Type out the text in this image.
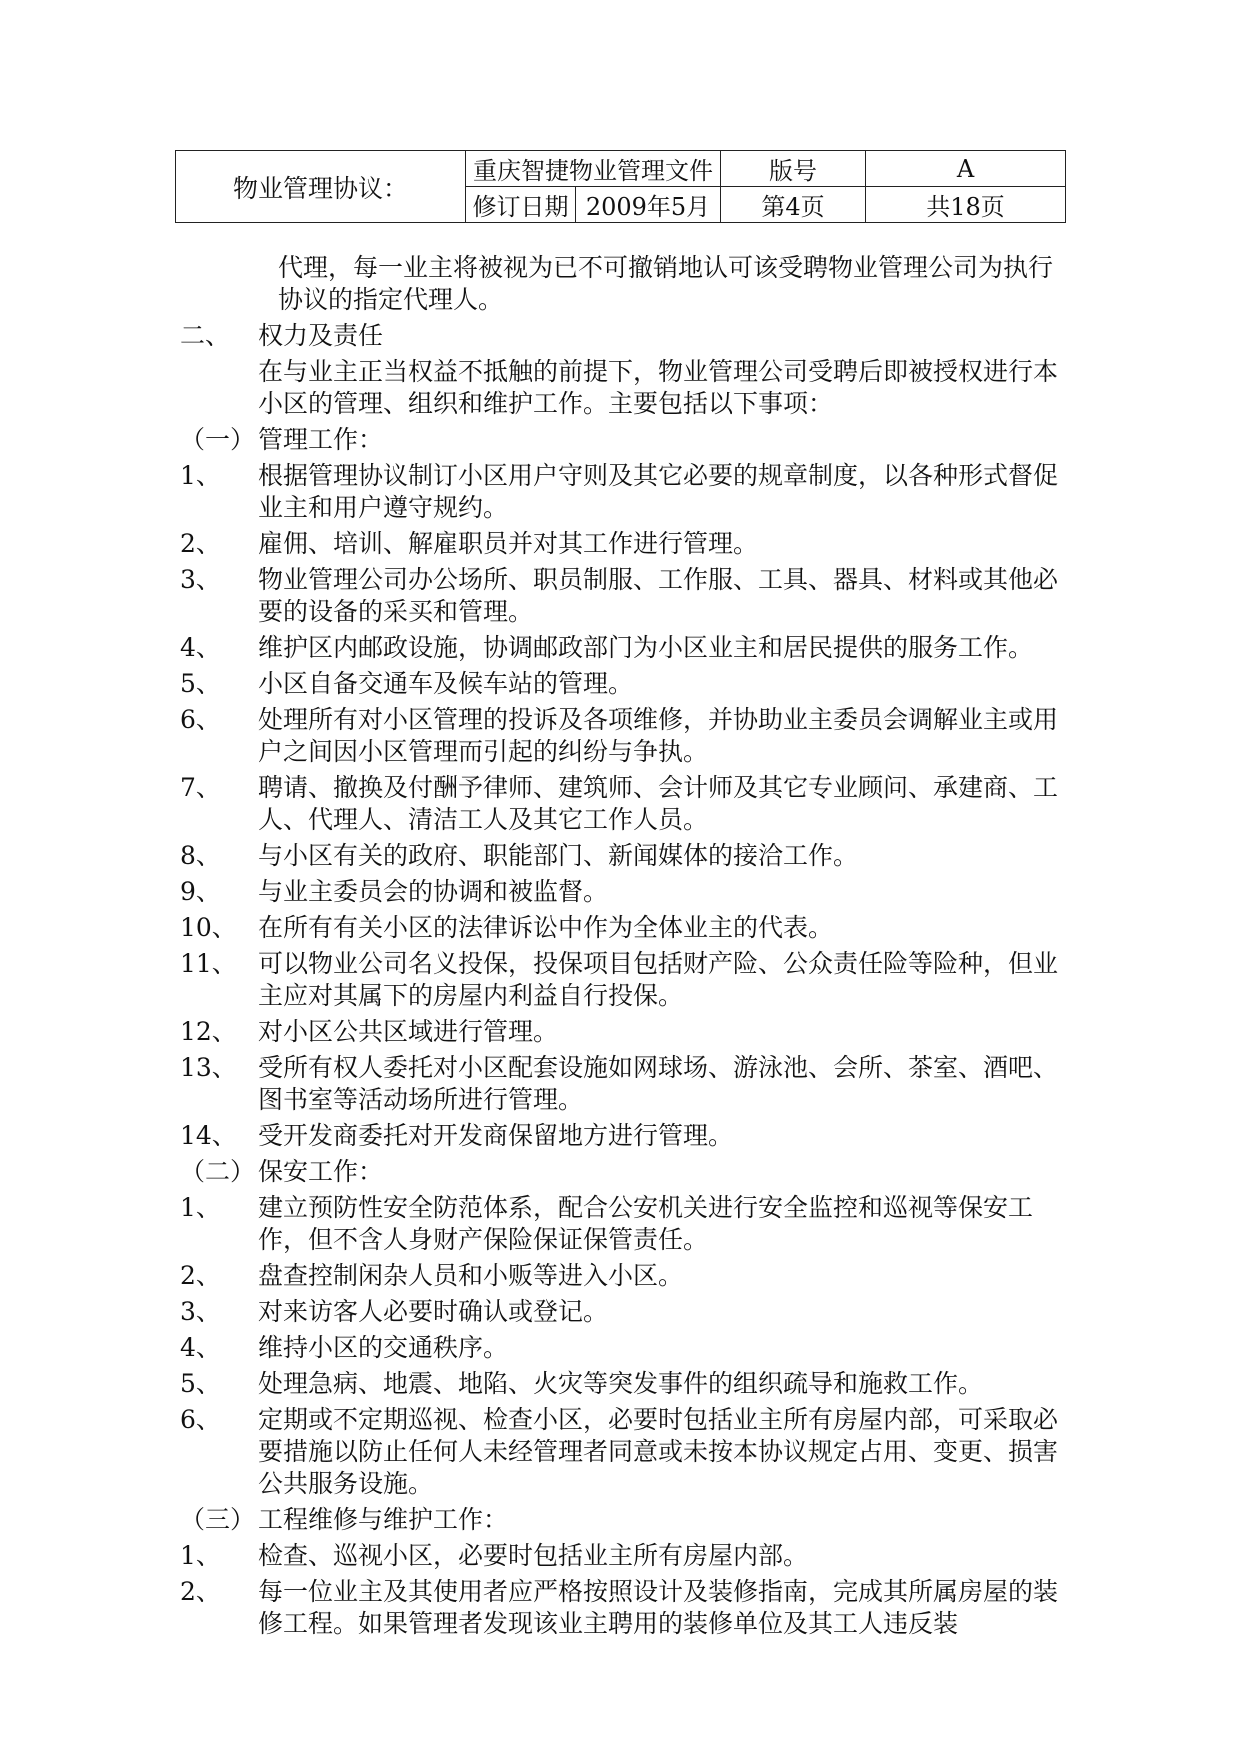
物业管理协议：	重庆智捷物业管理文件		版号	A
	修订日期	2009年5月	第4页	共18页
代理，每一业主将被视为已不可撤销地认可该受聘物业管理公司为执行协议的指定代理人。
二、	权力及责任
在与业主正当权益不抵触的前提下，物业管理公司受聘后即被授权进行本小区的管理、组织和维护工作。主要包括以下事项：
（一） 管理工作：
1、	根据管理协议制订小区用户守则及其它必要的规章制度，以各种形式督促业主和用户遵守规约。
2、	雇佣、培训、解雇职员并对其工作进行管理。
3、	物业管理公司办公场所、职员制服、工作服、工具、器具、材料或其他必要的设备的采买和管理。
4、	维护区内邮政设施，协调邮政部门为小区业主和居民提供的服务工作。
5、	小区自备交通车及候车站的管理。
6、	处理所有对小区管理的投诉及各项维修，并协助业主委员会调解业主或用户之间因小区管理而引起的纠纷与争执。
7、	聘请、撤换及付酬予律师、建筑师、会计师及其它专业顾问、承建商、工人、代理人、清洁工人及其它工作人员。
8、	与小区有关的政府、职能部门、新闻媒体的接洽工作。
9、	与业主委员会的协调和被监督。
10、 在所有有关小区的法律诉讼中作为全体业主的代表。
11、 可以物业公司名义投保，投保项目包括财产险、公众责任险等险种，但业主应对其属下的房屋内利益自行投保。
12、 对小区公共区域进行管理。
13、 受所有权人委托对小区配套设施如网球场、游泳池、会所、茶室、酒吧、图书室等活动场所进行管理。
14、 受开发商委托对开发商保留地方进行管理。
（二） 保安工作：
1、	建立预防性安全防范体系，配合公安机关进行安全监控和巡视等保安工作，但不含人身财产保险保证保管责任。
2、	盘查控制闲杂人员和小贩等进入小区。
3、	对来访客人必要时确认或登记。
4、	维持小区的交通秩序。
5、	处理急病、地震、地陷、火灾等突发事件的组织疏导和施救工作。
6、	定期或不定期巡视、检查小区，必要时包括业主所有房屋内部，可采取必要措施以防止任何人未经管理者同意或未按本协议规定占用、变更、损害公共服务设施。
（三） 工程维修与维护工作：
1、	检查、巡视小区，必要时包括业主所有房屋内部。
2、	每一位业主及其使用者应严格按照设计及装修指南，完成其所属房屋的装修工程。如果管理者发现该业主聘用的装修单位及其工人违反装
